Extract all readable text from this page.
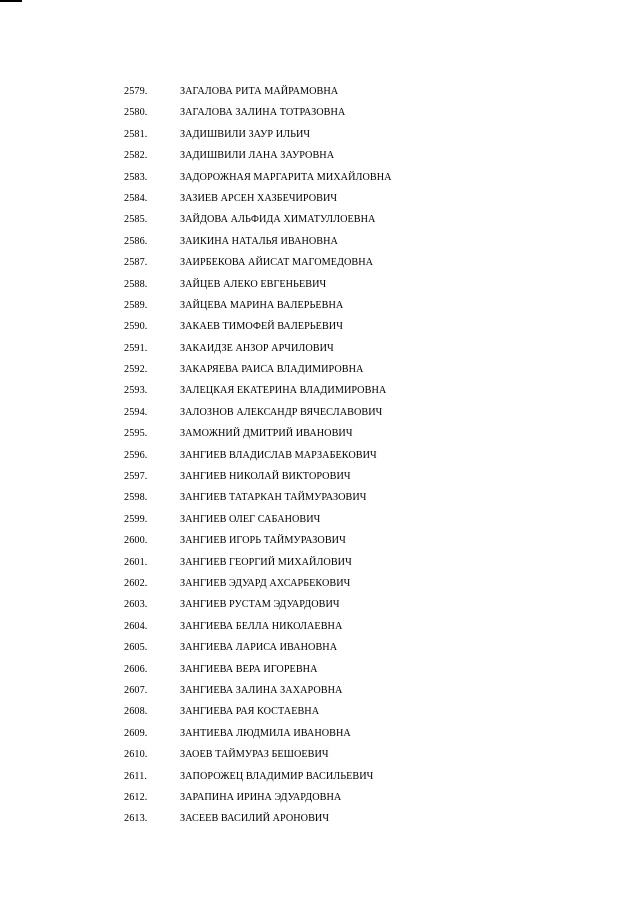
2579.	ЗАГАЛОВА РИТА МАЙРАМОВНА
2580.	ЗАГАЛОВА ЗАЛИНА ТОТРАЗОВНА
2581.	ЗАДИШВИЛИ ЗАУР ИЛЬИЧ
2582.	ЗАДИШВИЛИ ЛАНА ЗАУРОВНА
2583.	ЗАДОРОЖНАЯ МАРГАРИТА МИХАЙЛОВНА
2584.	ЗАЗИЕВ АРСЕН ХАЗБЕЧИРОВИЧ
2585.	ЗАЙДОВА АЛЬФИДА ХИМАТУЛЛОЕВНА
2586.	ЗАИКИНА НАТАЛЬЯ ИВАНОВНА
2587.	ЗАИРБЕКОВА АЙИСАТ МАГОМЕДОВНА
2588.	ЗАЙЦЕВ АЛЕКО ЕВГЕНЬЕВИЧ
2589.	ЗАЙЦЕВА МАРИНА ВАЛЕРЬЕВНА
2590.	ЗАКАЕВ ТИМОФЕЙ ВАЛЕРЬЕВИЧ
2591.	ЗАКАИДЗЕ АНЗОР АРЧИЛОВИЧ
2592.	ЗАКАРЯЕВА РАИСА ВЛАДИМИРОВНА
2593.	ЗАЛЕЦКАЯ ЕКАТЕРИНА ВЛАДИМИРОВНА
2594.	ЗАЛОЗНОВ АЛЕКСАНДР ВЯЧЕСЛАВОВИЧ
2595.	ЗАМОЖНИЙ ДМИТРИЙ ИВАНОВИЧ
2596.	ЗАНГИЕВ ВЛАДИСЛАВ МАРЗАБЕКОВИЧ
2597.	ЗАНГИЕВ НИКОЛАЙ ВИКТОРОВИЧ
2598.	ЗАНГИЕВ ТАТАРКАН ТАЙМУРАЗОВИЧ
2599.	ЗАНГИЕВ ОЛЕГ САБАНОВИЧ
2600.	ЗАНГИЕВ ИГОРЬ ТАЙМУРАЗОВИЧ
2601.	ЗАНГИЕВ ГЕОРГИЙ МИХАЙЛОВИЧ
2602.	ЗАНГИЕВ ЭДУАРД АХСАРБЕКОВИЧ
2603.	ЗАНГИЕВ РУСТАМ ЭДУАРДОВИЧ
2604.	ЗАНГИЕВА БЕЛЛА НИКОЛАЕВНА
2605.	ЗАНГИЕВА ЛАРИСА ИВАНОВНА
2606.	ЗАНГИЕВА ВЕРА ИГОРЕВНА
2607.	ЗАНГИЕВА ЗАЛИНА ЗАХАРОВНА
2608.	ЗАНГИЕВА РАЯ КОСТАЕВНА
2609.	ЗАНТИЕВА ЛЮДМИЛА ИВАНОВНА
2610.	ЗАОЕВ ТАЙМУРАЗ БЕШОЕВИЧ
2611.	ЗАПОРОЖЕЦ ВЛАДИМИР ВАСИЛЬЕВИЧ
2612.	ЗАРАПИНА ИРИНА ЭДУАРДОВНА
2613.	ЗАСЕЕВ ВАСИЛИЙ АРОНОВИЧ
